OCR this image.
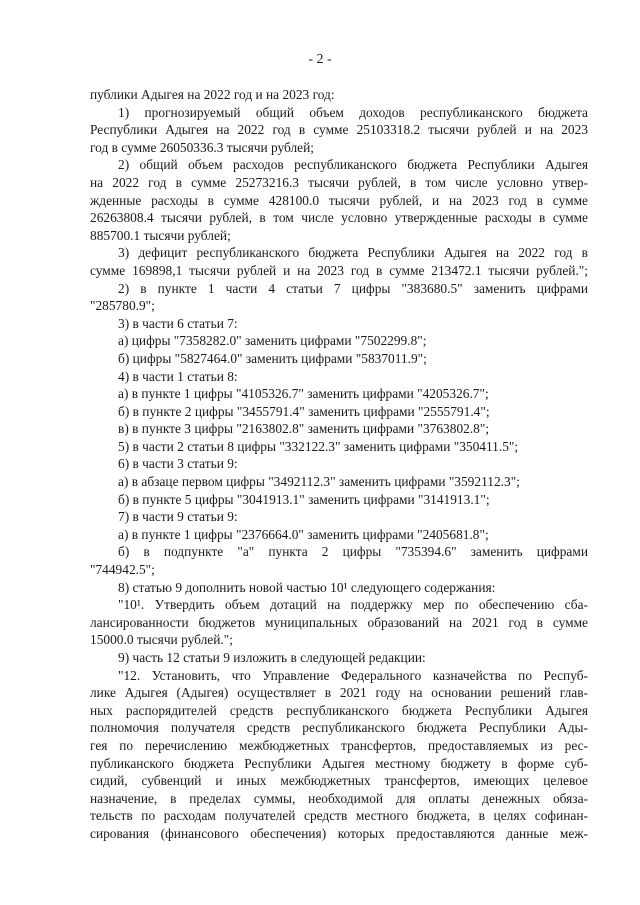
- 2 -
публики Адыгея на 2022 год и на 2023 год:
1) прогнозируемый общий объем доходов республиканского бюджета
Республики Адыгея на 2022 год в сумме 25103318.2 тысячи рублей и на 2023
год в сумме 26050336.3 тысячи рублей;
2) общий объем расходов республиканского бюджета Республики Адыгея
на 2022 год в сумме 25273216.3 тысячи рублей, в том числе условно утвер-
жденные расходы в сумме 428100.0 тысячи рублей, и на 2023 год в сумме
26263808.4 тысячи рублей, в том числе условно утвержденные расходы в сумме
885700.1 тысячи рублей;
3) дефицит республиканского бюджета Республики Адыгея на 2022 год в
сумме 169898,1 тысячи рублей и на 2023 год в сумме 213472.1 тысячи рублей.";
2) в пункте 1 части 4 статьи 7 цифры "383680.5" заменить цифрами
"285780.9";
3) в части 6 статьи 7:
а) цифры "7358282.0" заменить цифрами "7502299.8";
б) цифры "5827464.0" заменить цифрами "5837011.9";
4) в части 1 статьи 8:
а) в пункте 1 цифры "4105326.7" заменить цифрами "4205326.7";
б) в пункте 2 цифры "3455791.4" заменить цифрами "2555791.4";
в) в пункте 3 цифры "2163802.8" заменить цифрами "3763802.8";
5) в части 2 статьи 8 цифры "332122.3" заменить цифрами "350411.5";
6) в части 3 статьи 9:
а) в абзаце первом цифры "3492112.3" заменить цифрами "3592112.3";
б) в пункте 5 цифры "3041913.1" заменить цифрами "3141913.1";
7) в части 9 статьи 9:
а) в пункте 1 цифры "2376664.0" заменить цифрами "2405681.8";
б) в подпункте "а" пункта 2 цифры "735394.6" заменить цифрами
"744942.5";
8) статью 9 дополнить новой частью 10¹ следующего содержания:
"10¹. Утвердить объем дотаций на поддержку мер по обеспечению сба-
лансированности бюджетов муниципальных образований на 2021 год в сумме
15000.0 тысячи рублей.";
9) часть 12 статьи 9 изложить в следующей редакции:
"12. Установить, что Управление Федерального казначейства по Респуб-
лике Адыгея (Адыгея) осуществляет в 2021 году на основании решений глав-
ных распорядителей средств республиканского бюджета Республики Адыгея
полномочия получателя средств республиканского бюджета Республики Ады-
гея по перечислению межбюджетных трансфертов, предоставляемых из рес-
публиканского бюджета Республики Адыгея местному бюджету в форме суб-
сидий, субвенций и иных межбюджетных трансфертов, имеющих целевое
назначение, в пределах суммы, необходимой для оплаты денежных обяза-
тельств по расходам получателей средств местного бюджета, в целях софинан-
сирования (финансового обеспечения) которых предоставляются данные меж-
